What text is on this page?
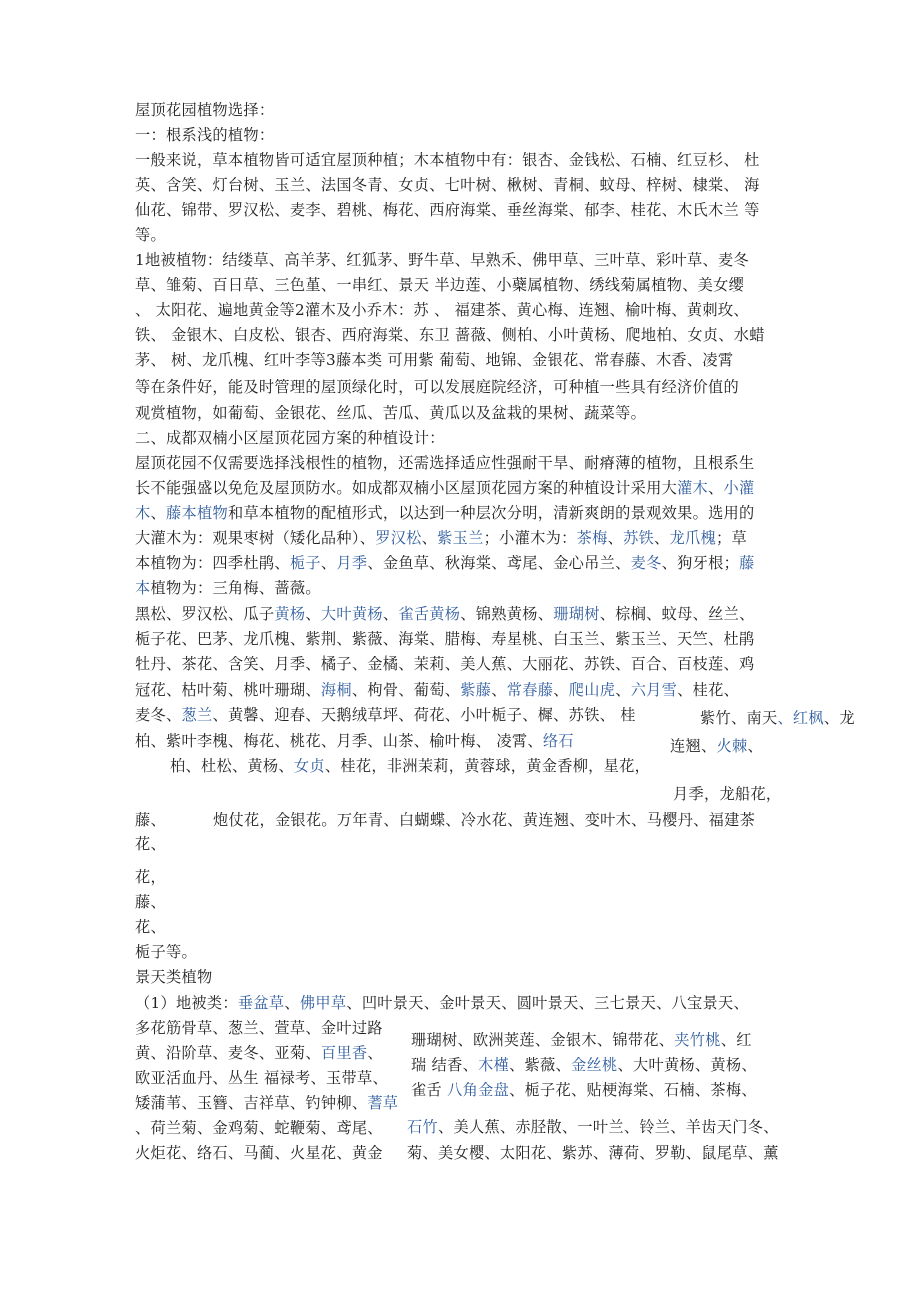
屋顶花园植物选择：
一：根系浅的植物：
一般来说，草本植物皆可适宜屋顶种植；木本植物中有：银杏、金钱松、石楠、红豆杉、 杜
英、含笑、灯台树、玉兰、法国冬青、女贞、七叶树、楸树、青桐、蚊母、梓树、棣棠、 海
仙花、锦带、罗汉松、麦李、碧桃、梅花、西府海棠、垂丝海棠、郁李、桂花、木氏木兰 等
等。
1地被植物：结缕草、高羊茅、红狐茅、野牛草、早熟禾、佛甲草、三叶草、彩叶草、麦冬
草、雏菊、百日草、三色堇、一串红、景天 半边莲、小蘗属植物、绣线菊属植物、美女缨
、 太阳花、遍地黄金等2灌木及小乔木：苏 、 福建茶、黄心梅、连翘、榆叶梅、黄刺玫、
铁、 金银木、白皮松、银杏、西府海棠、东卫 蔷薇、侧柏、小叶黄杨、爬地柏、女贞、水蜡
茅、 树、龙爪槐、红叶李等3藤本类 可用紫 葡萄、地锦、金银花、常春藤、木香、凌霄
等在条件好，能及时管理的屋顶绿化时，可以发展庭院经济，可种植一些具有经济价值的
观赏植物，如葡萄、金银花、丝瓜、苦瓜、黄瓜以及盆栽的果树、蔬菜等。
二、成都双楠小区屋顶花园方案的种植设计：
屋顶花园不仅需要选择浅根性的植物，还需选择适应性强耐干旱、耐瘠薄的植物，且根系生
长不能强盛以免危及屋顶防水。如成都双楠小区屋顶花园方案的种植设计采用大灌木、小灌
木、藤本植物和草本植物的配植形式，以达到一种层次分明，清新爽朗的景观效果。选用的
大灌木为：观果枣树（矮化品种）、罗汉松、紫玉兰；小灌木为：茶梅、苏铁、龙爪槐；草
本植物为：四季杜鹃、栀子、月季、金鱼草、秋海棠、鸢尾、金心吊兰、麦冬、狗牙根；藤
本植物为：三角梅、蔷薇。
黑松、罗汉松、瓜子黄杨、大叶黄杨、雀舌黄杨、锦熟黄杨、珊瑚树、棕榈、蚊母、丝兰、
栀子花、巴茅、龙爪槐、紫荆、紫薇、海棠、腊梅、寿星桃、白玉兰、紫玉兰、天竺、杜鹃
牡丹、茶花、含笑、月季、橘子、金橘、茉莉、美人蕉、大丽花、苏铁、百合、百枝莲、鸡
冠花、枯叶菊、桃叶珊瑚、海桐、枸骨、葡萄、紫藤、常春藤、爬山虎、六月雪、桂花、
麦冬、葱兰、黄馨、迎春、天鹅绒草坪、荷花、小叶栀子、樨、苏铁、 桂	紫竹、南天、红枫、龙
柏、紫叶李槐、梅花、桃花、月季、山茶、榆叶梅、 凌霄、络石	连翘、火棘、
柏、杜松、黄杨、女贞、桂花，非洲茉莉，黄蓉球，黄金香柳，星花，
月季，龙船花，
藤、	炮仗花，金银花。万年青、白蝴蝶、冷水花、黄连翘、变叶木、马樱丹、福建茶
花、
花，
藤、
花、
栀子等。
景天类植物
（1）地被类：垂盆草、佛甲草、凹叶景天、金叶景天、圆叶景天、三七景天、八宝景天、
多花筋骨草、葱兰、萱草、金叶过路
黄、沿阶草、麦冬、亚菊、百里香、
欧亚活血丹、丛生 福禄考、玉带草、
矮蒲苇、玉簪、吉祥草、钓钟柳、蓍草
、荷兰菊、金鸡菊、蛇鞭菊、鸢尾、
火炬花、络石、马蔺、火星花、黄金
珊瑚树、欧洲荚莲、金银木、锦带花、夹竹桃、红
瑞 结香、木槿、紫薇、金丝桃、大叶黄杨、黄杨、
雀舌 八角金盘、栀子花、贴梗海棠、石楠、茶梅、
石竹、美人蕉、赤胫散、一叶兰、铃兰、羊齿天门冬、
菊、美女樱、太阳花、紫苏、薄荷、罗勒、鼠尾草、薰
